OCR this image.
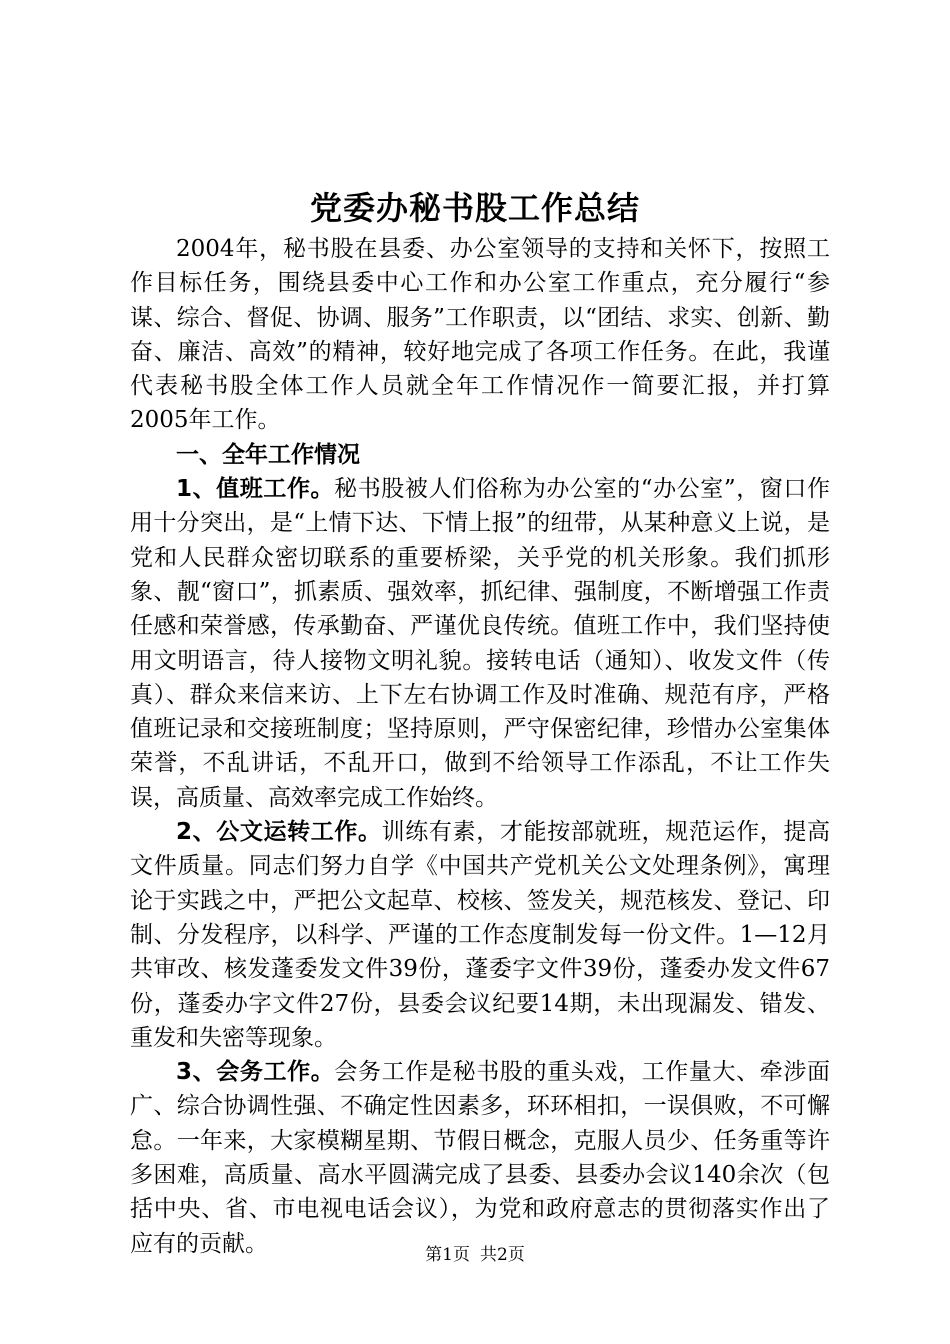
党委办秘书股工作总结

2004年，秘书股在县委、办公室领导的支持和关怀下，按照工作目标任务，围绕县委中心工作和办公室工作重点，充分履行“参谋、综合、督促、协调、服务”工作职责，以“团结、求实、创新、勤奋、廉洁、高效”的精神，较好地完成了各项工作任务。在此，我谨代表秘书股全体工作人员就全年工作情况作一简要汇报，并打算2005年工作。

一、全年工作情况

1、值班工作。秘书股被人们俗称为办公室的“办公室”，窗口作用十分突出，是“上情下达、下情上报”的纽带，从某种意义上说，是党和人民群众密切联系的重要桥梁，关乎党的机关形象。我们抓形象、靓“窗口”，抓素质、强效率，抓纪律、强制度，不断增强工作责任感和荣誉感，传承勤奋、严谨优良传统。值班工作中，我们坚持使用文明语言，待人接物文明礼貌。接转电话（通知）、收发文件（传真）、群众来信来访、上下左右协调工作及时准确、规范有序，严格值班记录和交接班制度；坚持原则，严守保密纪律，珍惜办公室集体荣誉，不乱讲话，不乱开口，做到不给领导工作添乱，不让工作失误，高质量、高效率完成工作始终。

2、公文运转工作。训练有素，才能按部就班，规范运作，提高文件质量。同志们努力自学《中国共产党机关公文处理条例》，寓理论于实践之中，严把公文起草、校核、签发关，规范核发、登记、印制、分发程序，以科学、严谨的工作态度制发每一份文件。1—12月共审改、核发蓬委发文件39份，蓬委字文件39份，蓬委办发文件67份，蓬委办字文件27份，县委会议纪要14期，未出现漏发、错发、重发和失密等现象。

3、会务工作。会务工作是秘书股的重头戏，工作量大、牵涉面广、综合协调性强、不确定性因素多，环环相扣，一误俱败，不可懈怠。一年来，大家模糊星期、节假日概念，克服人员少、任务重等许多困难，高质量、高水平圆满完成了县委、县委办会议140余次（包括中央、省、市电视电话会议），为党和政府意志的贯彻落实作出了应有的贡献。	第1页 共2页
